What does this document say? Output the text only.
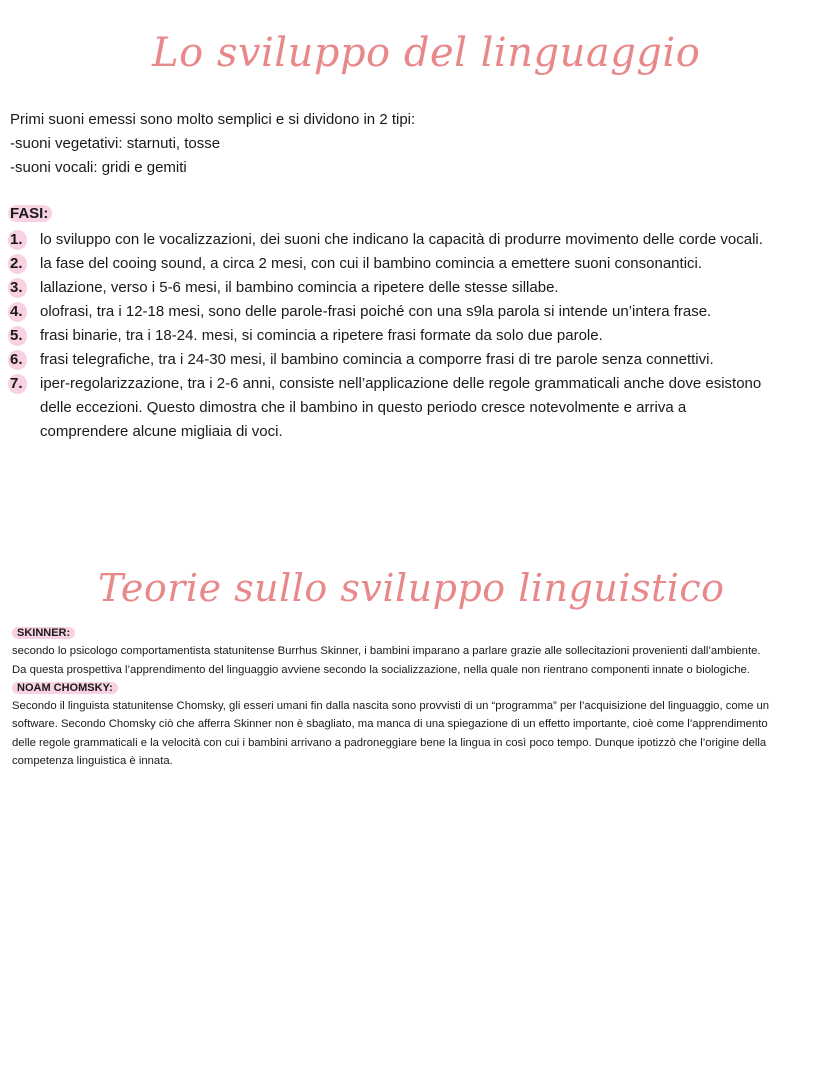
Lo sviluppo del linguaggio

Primi suoni emessi sono molto semplici e si dividono in 2 tipi:

-suoni vegetativi: starnuti, tosse

-suoni vocali: gridi e gemiti

FASI:
1. lo sviluppo con le vocalizzazioni, dei suoni che indicano la capacità di produrre movimento delle corde vocali.
2. la fase del cooing sound, a circa 2 mesi, con cui il bambino comincia a emettere suoni consonantici.
3. lallazione, verso i 5-6 mesi, il bambino comincia a ripetere delle stesse sillabe.
4. olofrasi, tra i 12-18 mesi, sono delle parole-frasi poiché con una s9la parola si intende un’intera frase.
5. frasi binarie, tra i 18-24. mesi, si comincia a ripetere frasi formate da solo due parole.
6. frasi telegrafiche, tra i 24-30 mesi, il bambino comincia a comporre frasi di tre parole senza connettivi.
7. iper-regolarizzazione, tra i 2-6 anni, consiste nell’applicazione delle regole grammaticali anche dove esistono delle eccezioni. Questo dimostra che il bambino in questo periodo cresce notevolmente e arriva a comprendere alcune migliaia di voci.
Teorie sullo sviluppo linguistico
SKINNER:

secondo lo psicologo comportamentista statunitense Burrhus Skinner, i bambini imparano a parlare grazie alle sollecitazioni provenienti dall’ambiente. Da questa prospettiva l’apprendimento del linguaggio avviene secondo la socializzazione, nella quale non rientrano componenti innate o biologiche.

NOAM CHOMSKY:

Secondo il linguista statunitense Chomsky, gli esseri umani fin dalla nascita sono provvisti di un “programma” per l’acquisizione del linguaggio, come un software. Secondo Chomsky ciò che afferra Skinner non è sbagliato, ma manca di una spiegazione di un effetto importante, cioè come l’apprendimento delle regole grammaticali e la velocità con cui i bambini arrivano a padroneggiare bene la lingua in così poco tempo. Dunque ipotizzò che l’origine della competenza linguistica è innata.
